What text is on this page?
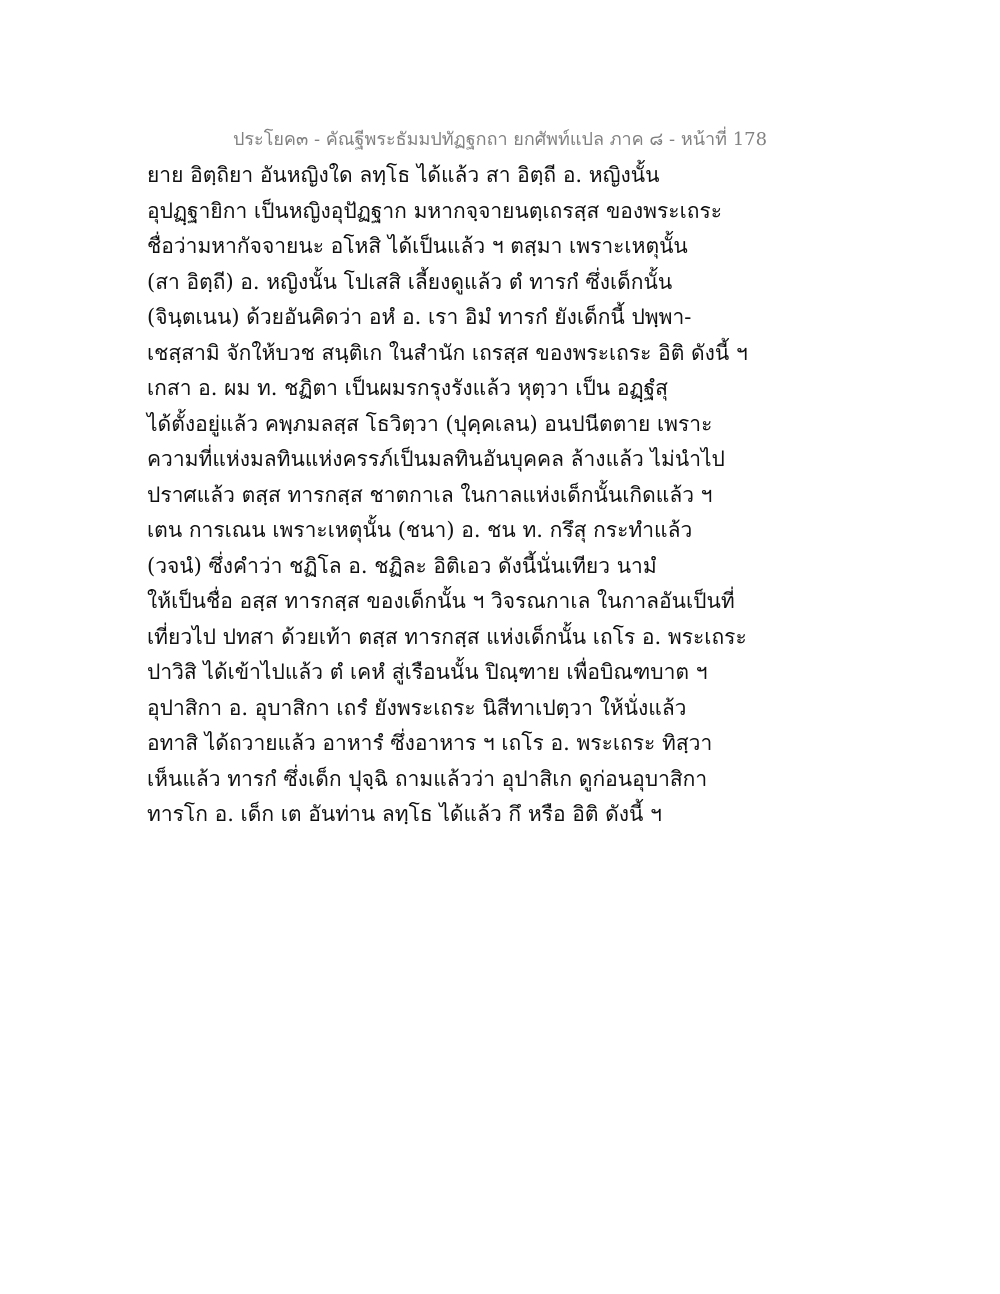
ประโยค๓ - คัณฐีพระธัมมปทัฏฐกถา ยกศัพท์แปล ภาค ๘ - หน้าที่ 178
ยาย อิตฺถิยา อันหญิงใด ลทฺโธ ได้แล้ว สา อิตฺถี อ. หญิงนั้น
อุปฏฺฐายิกา เป็นหญิงอุปัฏฐาก มหากจฺจายนตฺเถรสฺส ของพระเถระ
ชื่อว่ามหากัจจายนะ อโหสิ ได้เป็นแล้ว ฯ ตสฺมา เพราะเหตุนั้น
(สา อิตฺถี) อ. หญิงนั้น โปเสสิ เลี้ยงดูแล้ว ตํ ทารกํ ซึ่งเด็กนั้น
(จินฺตเนน) ด้วยอันคิดว่า อหํ อ. เรา อิมํ ทารกํ ยังเด็กนี้ ปพฺพา-
เชสฺสามิ จักให้บวช สนฺติเก ในสำนัก เถรสฺส ของพระเถระ อิติ ดังนี้ ฯ
เกสา อ. ผม ท. ชฏิตา เป็นผมรกรุงรังแล้ว หุตฺวา เป็น อฏฺฐํสุ
ได้ตั้งอยู่แล้ว คพฺภมลสฺส โธวิตฺวา (ปุคฺคเลน) อนปนีตตาย เพราะ
ความที่แห่งมลทินแห่งครรภ์เป็นมลทินอันบุคคล ล้างแล้ว ไม่นำไป
ปราศแล้ว ตสฺส ทารกสฺส ชาตกาเล ในกาลแห่งเด็กนั้นเกิดแล้ว ฯ
เตน การเณน เพราะเหตุนั้น (ชนา) อ. ชน ท. กรึสุ กระทำแล้ว
(วจนํ) ซึ่งคำว่า ชฏิโล อ. ชฏิละ อิติเอว ดังนี้นั่นเทียว นามํ
ให้เป็นชื่อ อสฺส ทารกสฺส ของเด็กนั้น ฯ วิจรณกาเล ในกาลอันเป็นที่
เที่ยวไป ปทสา ด้วยเท้า ตสฺส ทารกสฺส แห่งเด็กนั้น เถโร อ. พระเถระ
ปาวิสิ ได้เข้าไปแล้ว ตํ เคหํ สู่เรือนนั้น ปิณฺฑาย เพื่อบิณฑบาต ฯ
อุปาสิกา อ. อุบาสิกา เถรํ ยังพระเถระ นิสีทาเปตฺวา ให้นั่งแล้ว
อทาสิ ได้ถวายแล้ว อาหารํ ซึ่งอาหาร ฯ เถโร อ. พระเถระ ทิสฺวา
เห็นแล้ว ทารกํ ซึ่งเด็ก ปุจฺฉิ ถามแล้วว่า อุปาสิเก ดูก่อนอุบาสิกา
ทารโก อ. เด็ก เต อันท่าน ลทฺโธ ได้แล้ว กึ หรือ อิติ ดังนี้ ฯ
